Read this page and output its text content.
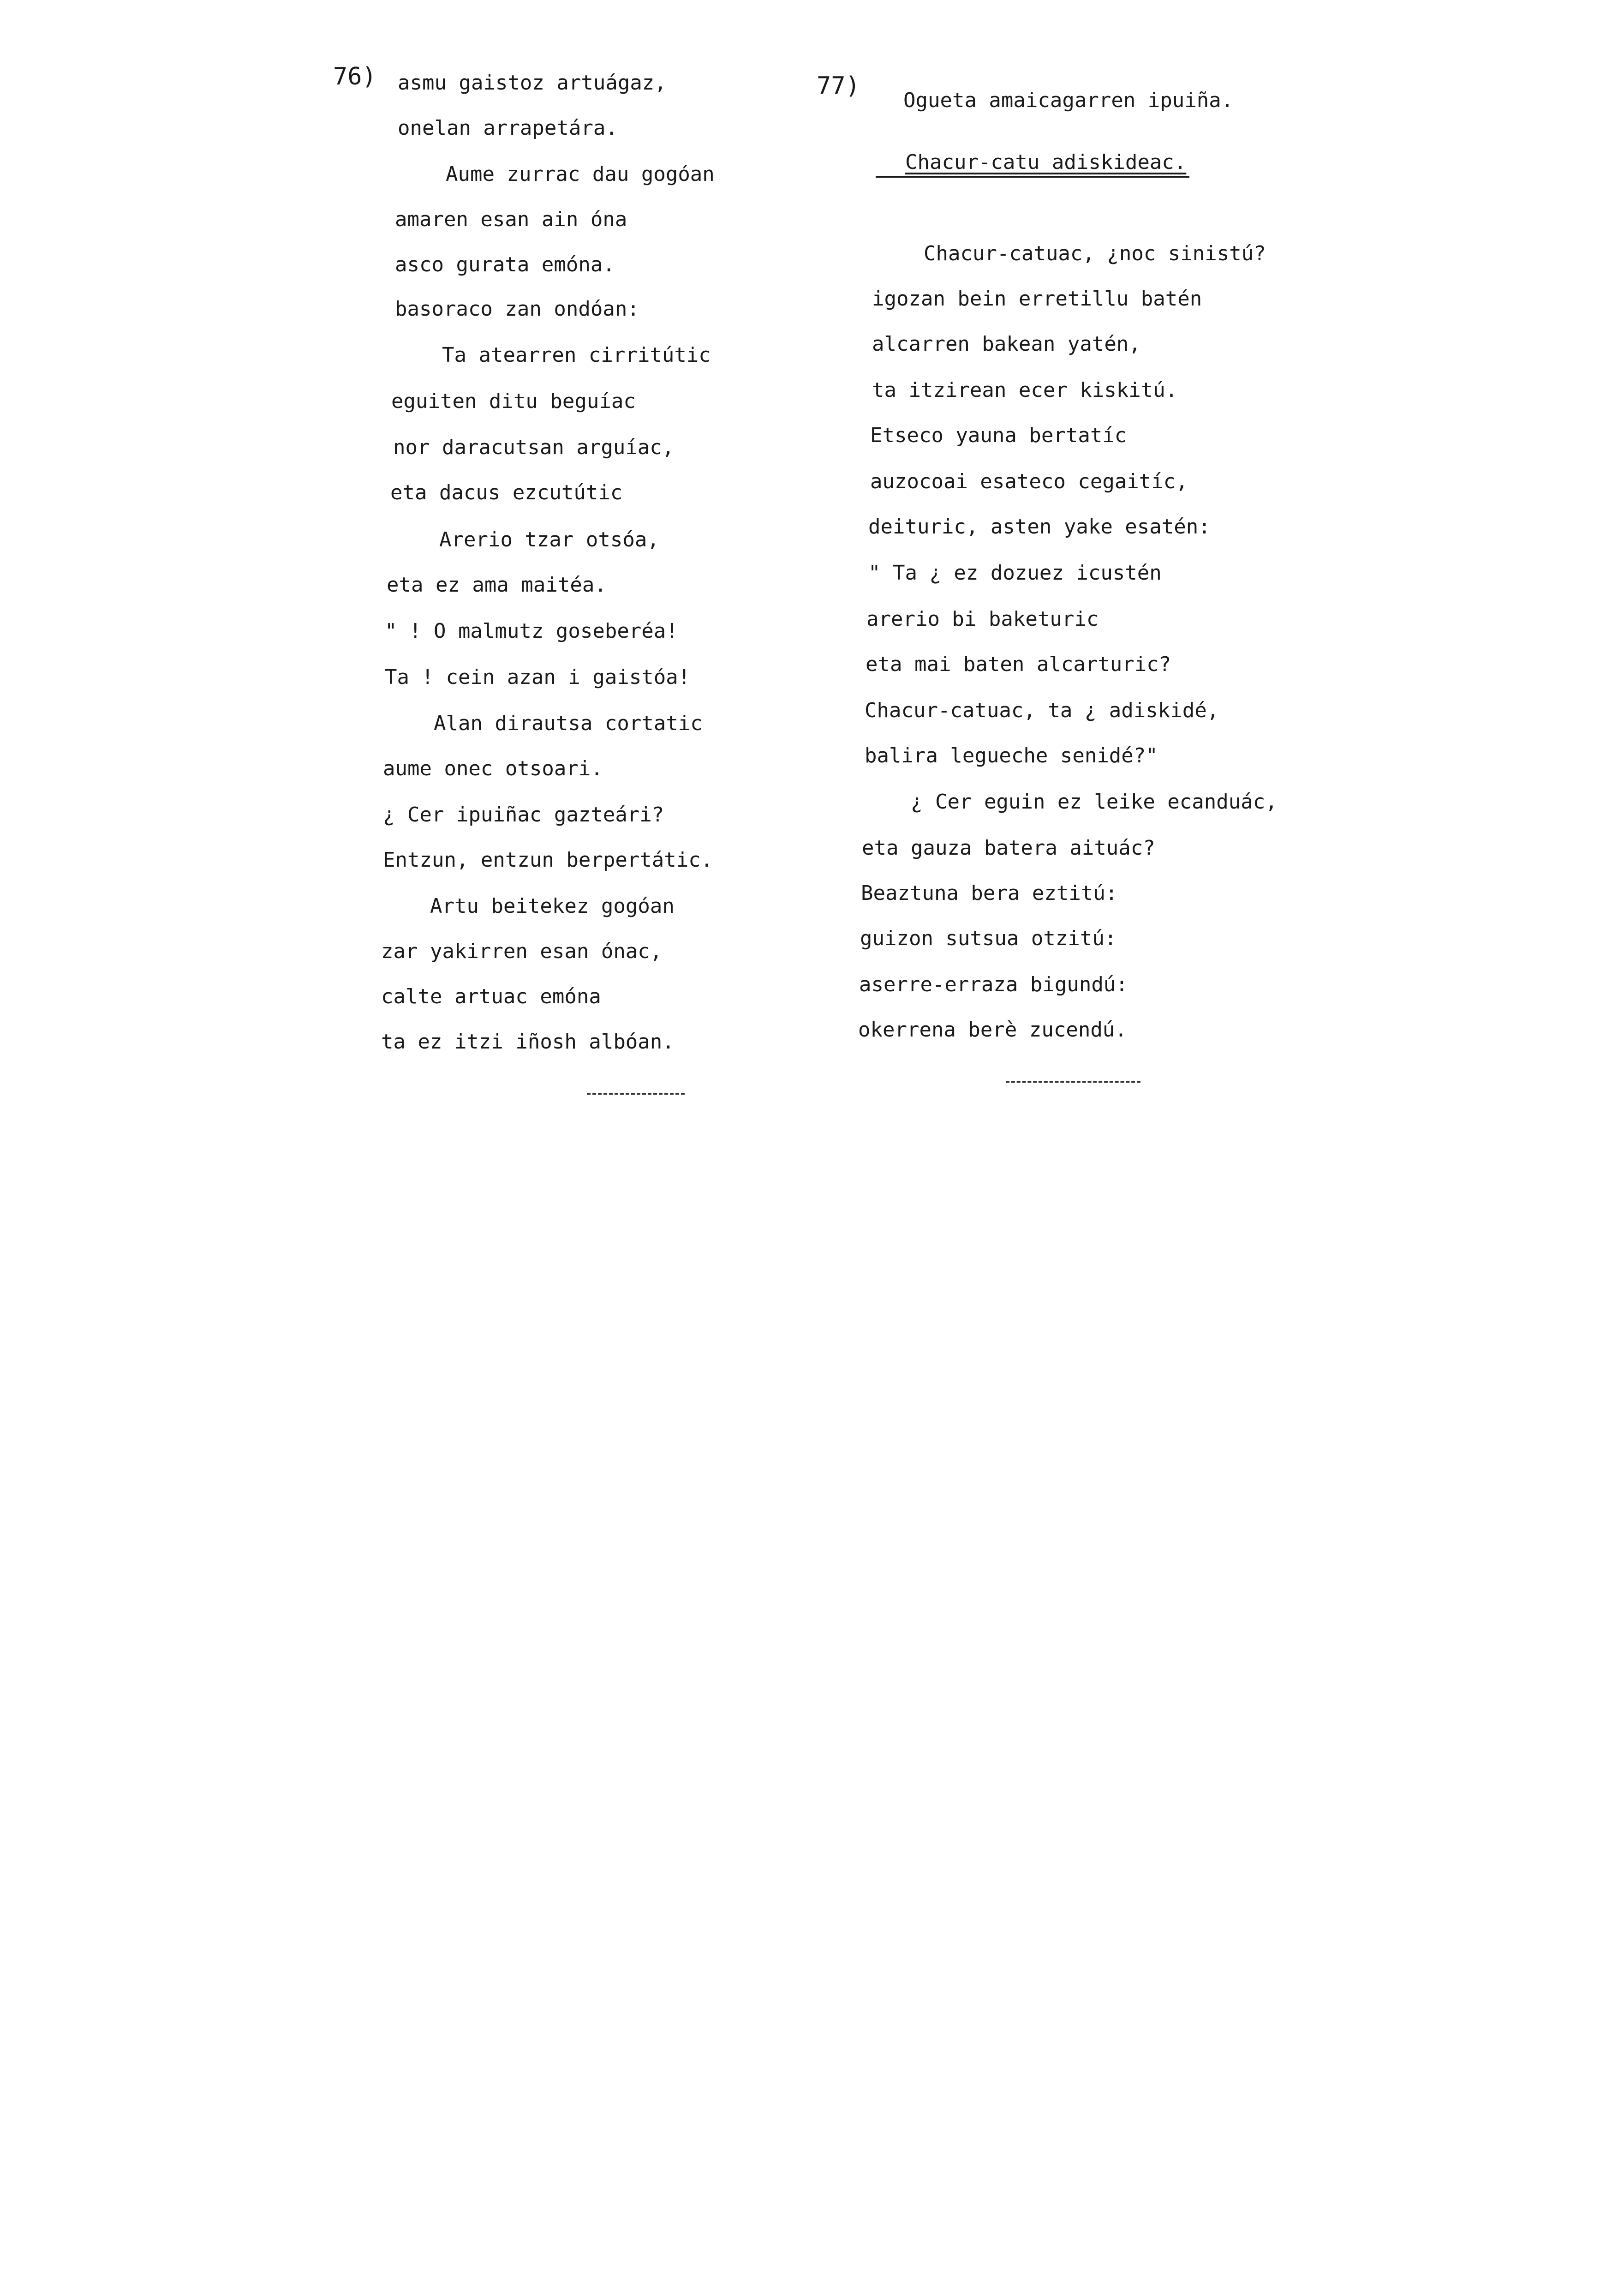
76) asmu gaistoz artuágaz,
onelan arrapetára.
Aume zurrac dau gogóan
amaren esan ain óna
asco gurata emóna.
basoraco zan ondóan:
Ta atearren cirritútic
eguiten ditu beguíac
nor daracutsan arguíac,
eta dacus ezcutútic
Arerio tzar otsóa,
eta ez ama maitéa.
" ! O malmutz goseberéa!
Ta ! cein azan i gaistóa!
Alan dirautsa cortatic
aume onec otsoari.
¿ Cer ipuiñac gazteári?
Entzun, entzun berpertátic.
Artu beitekez gogóan
zar yakirren esan ónac,
calte artuac emóna
ta ez itzi iñosh albóan.
77)
Ogueta amaicagarren ipuiña.
Chacur-catu adiskideac.
Chacur-catuac, ¿noc sinistú?
igozan bein erretillu batén
alcarren bakean yatén,
ta itzirean ecer kiskitú.
Etseco yauna bertatíc
auzocoai esateco cegaitíc,
deituric, asten yake esatén:
" Ta ¿ ez dozuez icustén
arerio bi baketuric
eta mai baten alcarturic?
Chacur-catuac, ta ¿ adiskidé,
balira legueche senidé?"
¿ Cer eguin ez leike ecanduác,
eta gauza batera aituác?
Beaztuna bera eztitú:
guizon sutsua otzitú:
aserre-erraza bigundú:
okerrena berè zucendú.
